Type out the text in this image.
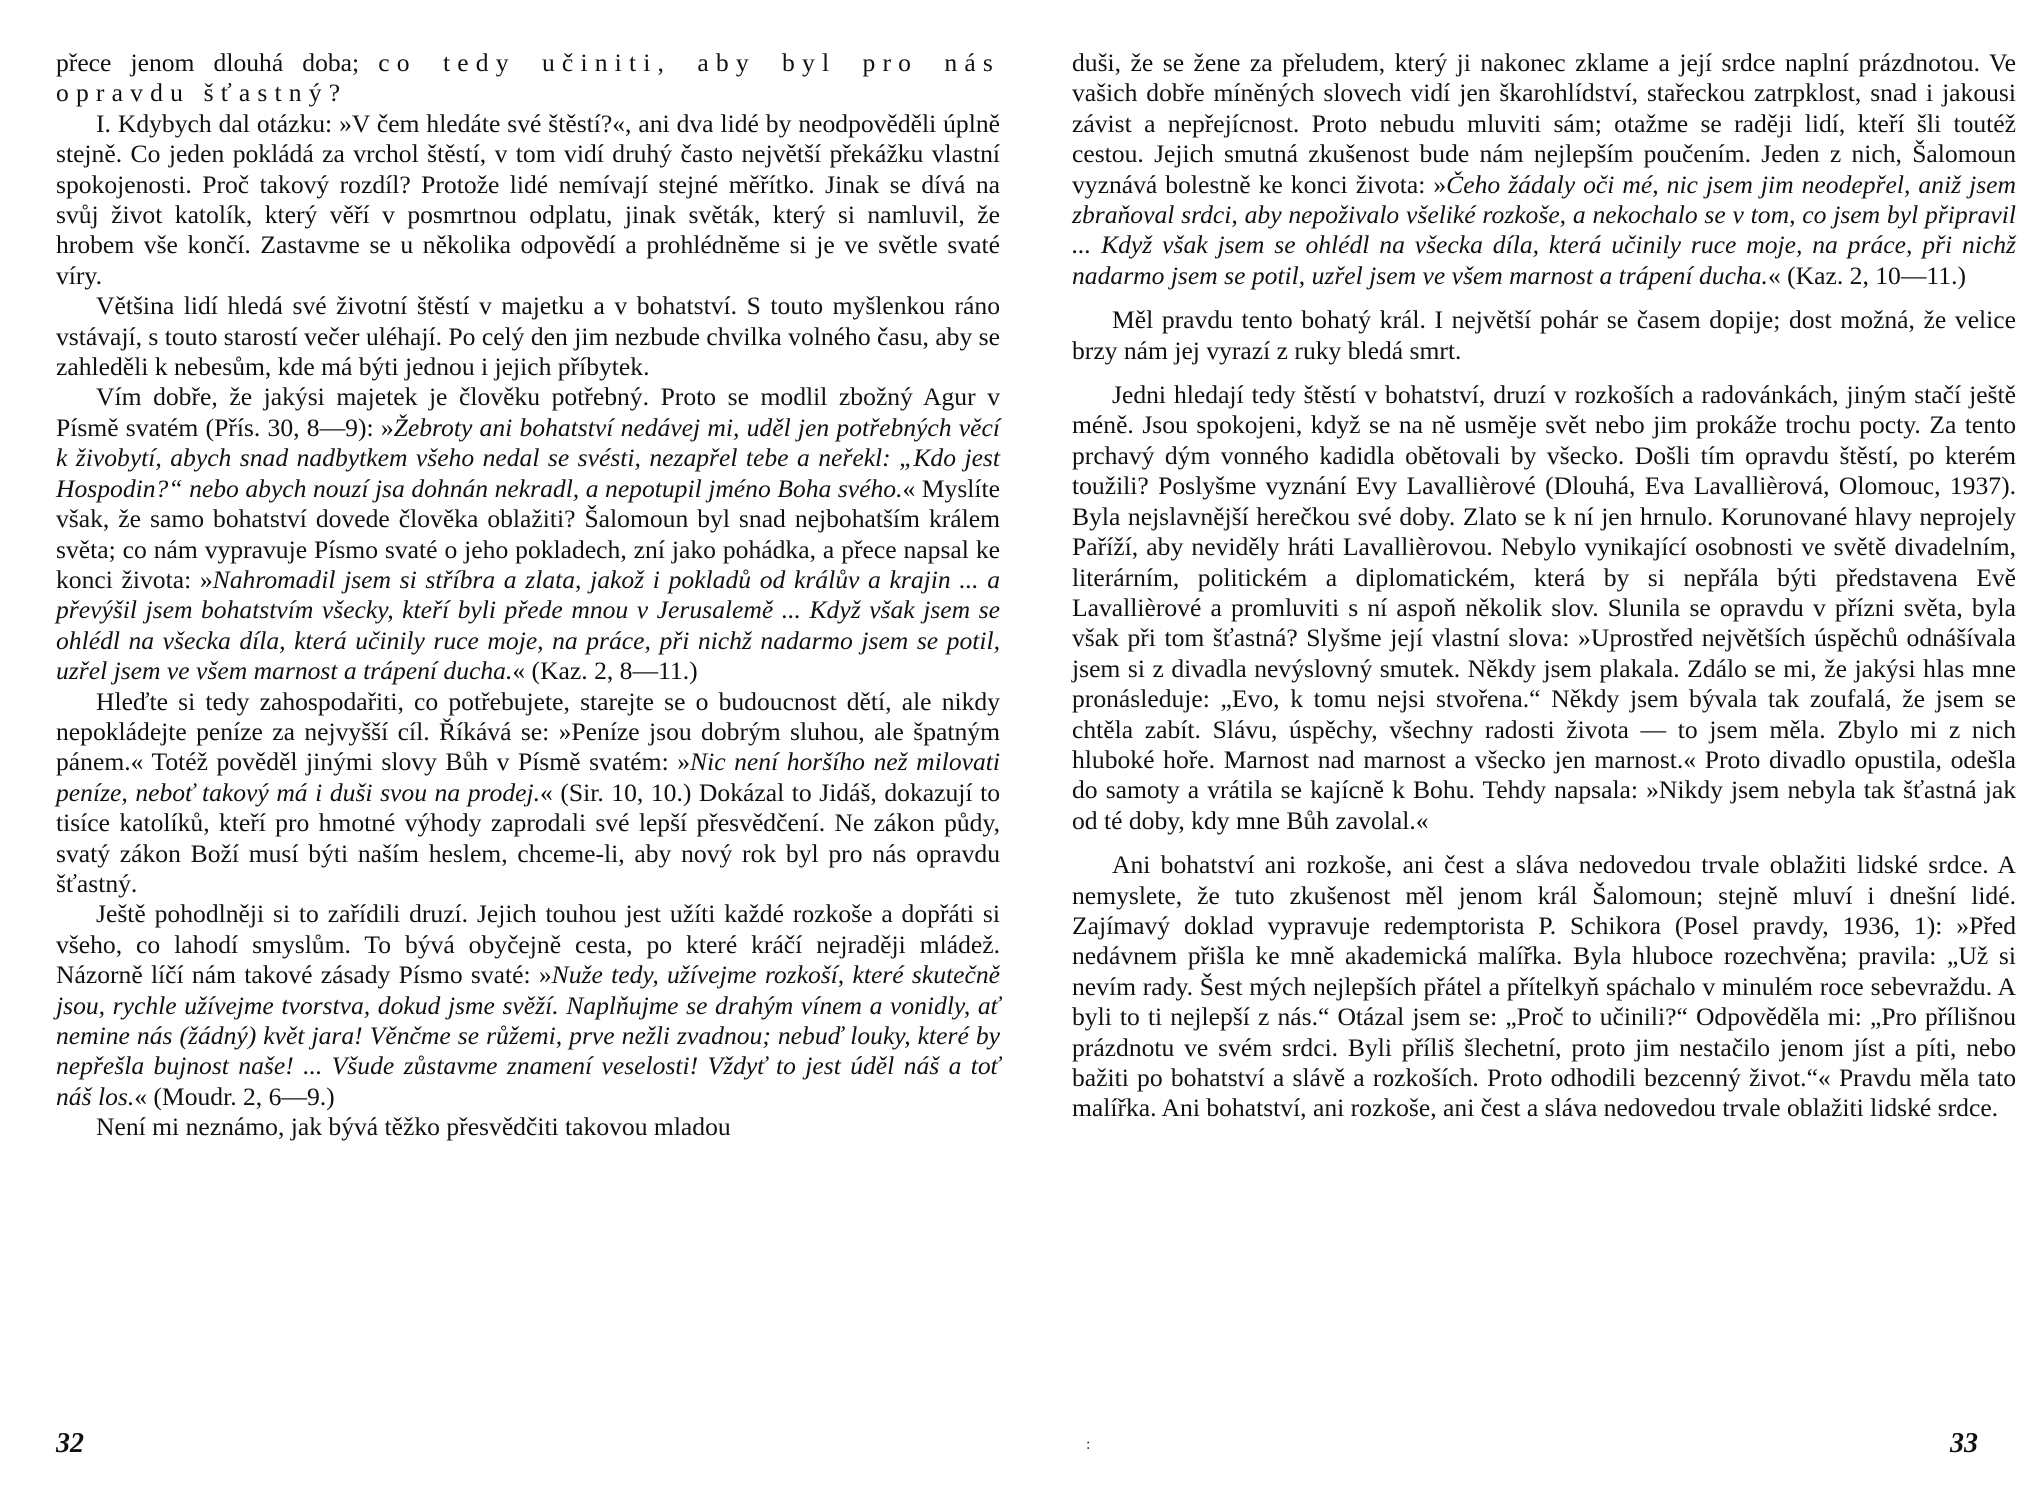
přece jenom dlouhá doba; co tedy učiniti, aby byl pro nás opravdu šťastný?

I. Kdybych dal otázku: »V čem hledáte své štěstí?«, ani dva lidé by neodpověděli úplně stejně. Co jeden pokládá za vrchol štěstí, v tom vidí druhý často největší překážku vlastní spokojenosti. Proč takový rozdíl? Protože lidé nemívají stejné měřítko. Jinak se dívá na svůj život katolík, který věří v posmrtnou odplatu, jinak světák, který si namluvil, že hrobem vše končí. Zastavme se u několika odpovědí a prohlédněme si je ve světle svaté víry.

Většina lidí hledá své životní štěstí v majetku a v bohatství. S touto myšlenkou ráno vstávají, s touto starostí večer uléhají. Po celý den jim nezbude chvilka volného času, aby se zahleděli k nebesům, kde má býti jednou i jejich příbytek.

Vím dobře, že jakýsi majetek je člověku potřebný. Proto se modlil zbožný Agur v Písmě svatém (Přís. 30, 8—9): »Žebroty ani bohatství nedávej mi, uděl jen potřebných věcí k živobytí, abych snad nadbytkem všeho nedal se svésti, nezapřel tebe a neřekl: „Kdo jest Hospodin?“ nebo abych nouzí jsa dohnán nekradl, a nepotupil jméno Boha svého.« Myslíte však, že samo bohatství dovede člověka oblažiti? Šalomoun byl snad nejbohatším králem světa; co nám vypravuje Písmo svaté o jeho pokladech, zní jako pohádka, a přece napsal ke konci života: »Nahromadil jsem si stříbra a zlata, jakož i pokladů od králův a krajin ... a převýšil jsem bohatstvím všecky, kteří byli přede mnou v Jerusalemě ... Když však jsem se ohlédl na všecka díla, která učinily ruce moje, na práce, při nichž nadarmo jsem se potil, uzřel jsem ve všem marnost a trápení ducha.« (Kaz. 2, 8—11.)

Hleďte si tedy zahospodařiti, co potřebujete, starejte se o budoucnost dětí, ale nikdy nepokládejte peníze za nejvyšší cíl. Říkává se: »Peníze jsou dobrým sluhou, ale špatným pánem.« Totéž pověděl jinými slovy Bůh v Písmě svatém: »Nic není horšího než milovati peníze, neboť takový má i duši svou na prodej.« (Sir. 10, 10.) Dokázal to Jidáš, dokazují to tisíce katolíků, kteří pro hmotné výhody zaprodali své lepší přesvědčení. Ne zákon půdy, svatý zákon Boží musí býti naším heslem, chceme-li, aby nový rok byl pro nás opravdu šťastný.

Ještě pohodlněji si to zařídili druzí. Jejich touhou jest užíti každé rozkoše a dopřáti si všeho, co lahodí smyslům. To bývá obyčejně cesta, po které kráčí nejraději mládež. Názorně líčí nám takové zásady Písmo svaté: »Nuže tedy, užívejme rozkoší, které skutečně jsou, rychle užívejme tvorstva, dokud jsme svěží. Naplňujme se drahým vínem a vonidly, ať nemine nás (žádný) květ jara! Věnčme se růžemi, prve nežli zvadnou; nebuď louky, které by nepřešla bujnost naše! ... Všude zůstavme znamení veselosti! Vždyť to jest úděl náš a toť náš los.« (Moudr. 2, 6—9.)

Není mi neznámo, jak bývá těžko přesvědčiti takovou mladou

duši, že se žene za přeludem, který ji nakonec zklame a její srdce naplní prázdnotou. Ve vašich dobře míněných slovech vidí jen škarohlídství, stařeckou zatrpklost, snad i jakousi závist a nepřejícnost. Proto nebudu mluviti sám; otažme se raději lidí, kteří šli toutéž cestou. Jejich smutná zkušenost bude nám nejlepším poučením. Jeden z nich, Šalomoun vyznává bolestně ke konci života: »Čeho žádaly oči mé, nic jsem jim neodepřel, aniž jsem zbraňoval srdci, aby nepoživalo všeliké rozkoše, a nekochalo se v tom, co jsem byl připravil ... Když však jsem se ohlédl na všecka díla, která učinily ruce moje, na práce, při nichž nadarmo jsem se potil, uzřel jsem ve všem marnost a trápení ducha.« (Kaz. 2, 10—11.)

Měl pravdu tento bohatý král. I největší pohár se časem dopije; dost možná, že velice brzy nám jej vyrazí z ruky bledá smrt.

Jedni hledají tedy štěstí v bohatství, druzí v rozkoších a radovánkách, jiným stačí ještě méně. Jsou spokojeni, když se na ně usměje svět nebo jim prokáže trochu pocty. Za tento prchavý dým vonného kadidla obětovali by všecko. Došli tím opravdu štěstí, po kterém toužili? Poslyšme vyznání Evy Lavallièrové (Dlouhá, Eva Lavallièrová, Olomouc, 1937). Byla nejslavnější herečkou své doby. Zlato se k ní jen hrnulo. Korunované hlavy neprojely Paříží, aby neviděly hráti Lavallièrovou. Nebylo vynikající osobnosti ve světě divadelním, literárním, politickém a diplomatickém, která by si nepřála býti představena Evě Lavallièrové a promluviti s ní aspoň několik slov. Slunila se opravdu v přízni světa, byla však při tom šťastná? Slyšme její vlastní slova: »Uprostřed největších úspěchů odnášívala jsem si z divadla nevýslovný smutek. Někdy jsem plakala. Zdálo se mi, že jakýsi hlas mne pronásleduje: „Evo, k tomu nejsi stvořena.“ Někdy jsem bývala tak zoufalá, že jsem se chtěla zabít. Slávu, úspěchy, všechny radosti života — to jsem měla. Zbylo mi z nich hluboké hoře. Marnost nad marnost a všecko jen marnost.« Proto divadlo opustila, odešla do samoty a vrátila se kajícně k Bohu. Tehdy napsala: »Nikdy jsem nebyla tak šťastná jak od té doby, kdy mne Bůh zavolal.«

Ani bohatství ani rozkoše, ani čest a sláva nedovedou trvale oblažiti lidské srdce. A nemyslete, že tuto zkušenost měl jenom král Šalomoun; stejně mluví i dnešní lidé. Zajímavý doklad vypravuje redemptorista P. Schikora (Posel pravdy, 1936, 1): »Před nedávnem přišla ke mně akademická malířka. Byla hluboce rozechvěna; pravila: „Už si nevím rady. Šest mých nejlepších přátel a přítelkyň spáchalo v minulém roce sebevraždu. A byli to ti nejlepší z nás.“ Otázal jsem se: „Proč to učinili?“ Odpověděla mi: „Pro přílišnou prázdnotu ve svém srdci. Byli příliš šlechetní, proto jim nestačilo jenom jíst a píti, nebo bažiti po bohatství a slávě a rozkoších. Proto odhodili bezcenný život.“« Pravdu měla tato malířka. Ani bohatství, ani rozkoše, ani čest a sláva nedovedou trvale oblažiti lidské srdce.

32	:	33
